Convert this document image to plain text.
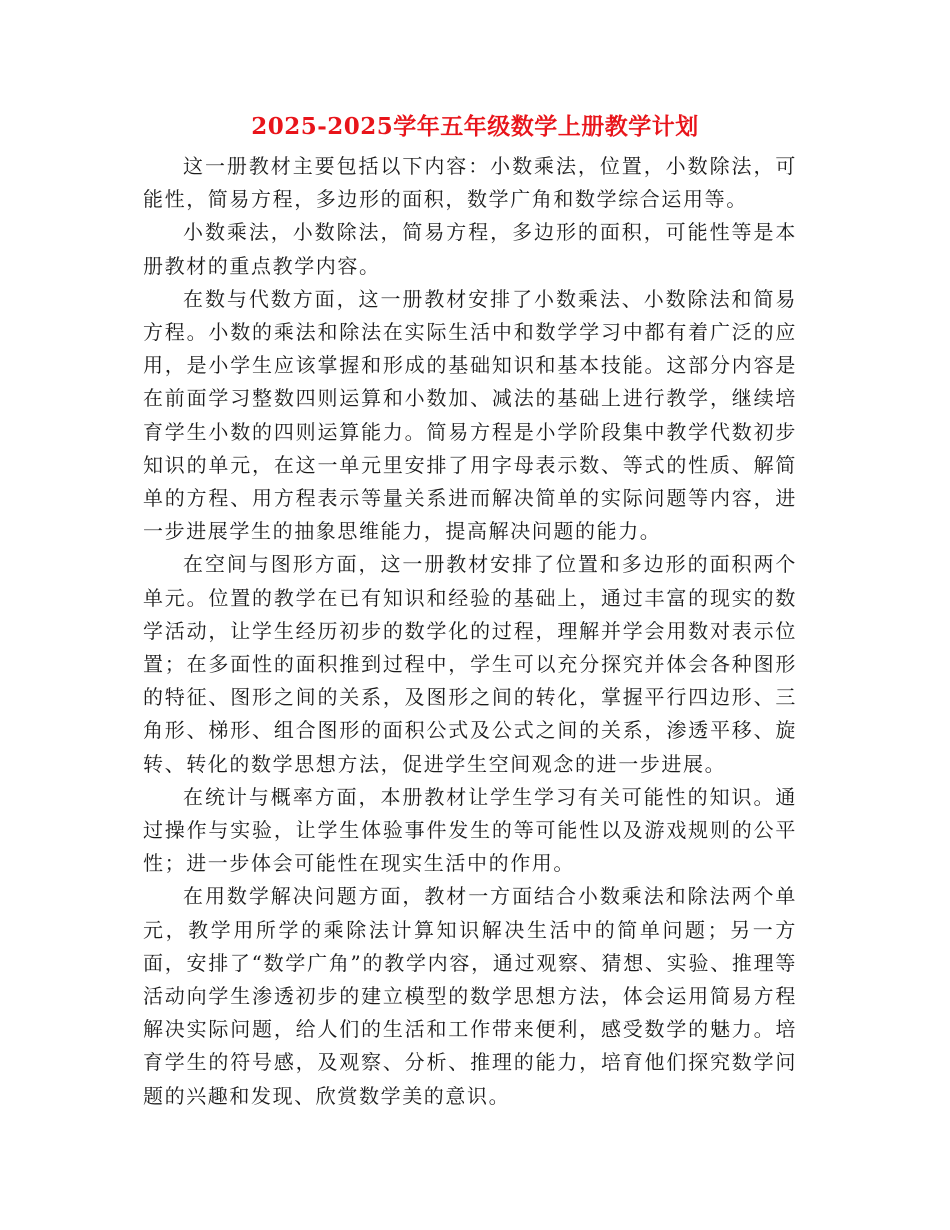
2025-2025学年五年级数学上册教学计划

这一册教材主要包括以下内容：小数乘法，位置，小数除法，可能性，简易方程，多边形的面积，数学广角和数学综合运用等。

小数乘法，小数除法，简易方程，多边形的面积，可能性等是本册教材的重点教学内容。

在数与代数方面，这一册教材安排了小数乘法、小数除法和简易方程。小数的乘法和除法在实际生活中和数学学习中都有着广泛的应用，是小学生应该掌握和形成的基础知识和基本技能。这部分内容是在前面学习整数四则运算和小数加、减法的基础上进行教学，继续培育学生小数的四则运算能力。简易方程是小学阶段集中教学代数初步知识的单元，在这一单元里安排了用字母表示数、等式的性质、解简单的方程、用方程表示等量关系进而解决简单的实际问题等内容，进一步进展学生的抽象思维能力，提高解决问题的能力。

在空间与图形方面，这一册教材安排了位置和多边形的面积两个单元。位置的教学在已有知识和经验的基础上，通过丰富的现实的数学活动，让学生经历初步的数学化的过程，理解并学会用数对表示位置；在多面性的面积推到过程中，学生可以充分探究并体会各种图形的特征、图形之间的关系，及图形之间的转化，掌握平行四边形、三角形、梯形、组合图形的面积公式及公式之间的关系，渗透平移、旋转、转化的数学思想方法，促进学生空间观念的进一步进展。

在统计与概率方面，本册教材让学生学习有关可能性的知识。通过操作与实验，让学生体验事件发生的等可能性以及游戏规则的公平性；进一步体会可能性在现实生活中的作用。

在用数学解决问题方面，教材一方面结合小数乘法和除法两个单元，教学用所学的乘除法计算知识解决生活中的简单问题；另一方面，安排了“数学广角”的教学内容，通过观察、猜想、实验、推理等活动向学生渗透初步的建立模型的数学思想方法，体会运用简易方程解决实际问题，给人们的生活和工作带来便利，感受数学的魅力。培育学生的符号感，及观察、分析、推理的能力，培育他们探究数学问题的兴趣和发现、欣赏数学美的意识。
